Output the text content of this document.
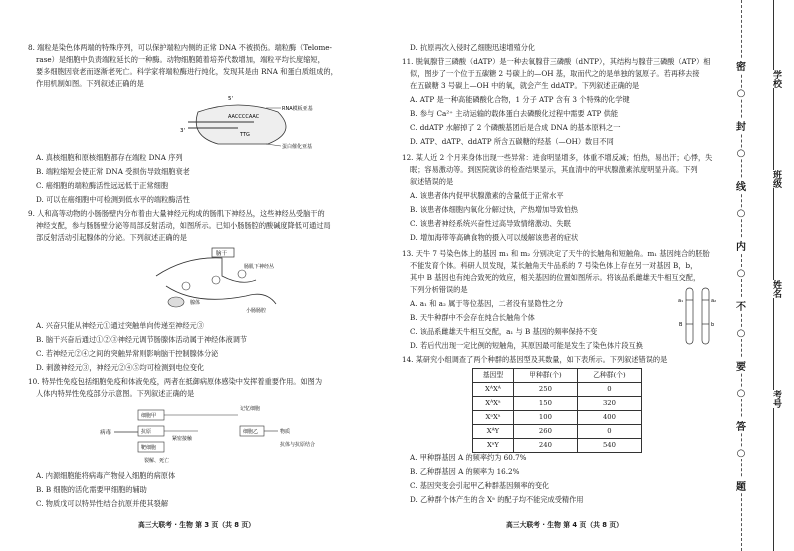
8. 端粒是染色体两端的特殊序列，可以保护端粒内侧的正常 DNA 不被损伤。端粒酶（Telome-
rase）是细胞中负责端粒延长的一种酶。动物细胞随着培养代数增加，端粒平均长度缩短，
要多细胞因衰老而逐渐老死亡。科学家将端粒酶进行纯化，发现其是由 RNA 和蛋白质组成的，
作用机制如图。下列叙述正确的是
5'
AACCCCAAC
TTG
3'
RNA模板亚基
蛋白催化亚基
A. 真核细胞和原核细胞都存在端粒 DNA 序列
B. 端粒缩短会使正常 DNA 受损伤导致细胞衰老
C. 癌细胞的端粒酶活性远远低于正常细胞
D. 可以在癌细胞中可检测到低水平的端粒酶活性
9. 人和高等动物的小肠肠壁内分布着由大量神经元构成的肠肌下神经丛，这些神经丛受脑干的
神经支配，参与肠肠壁分泌等局部反射活动，如图所示。已知小肠肠腔的酸碱度降低可通过局
部反射活动引起腺体的分泌。下列叙述正确的是
脑干
肠肌下神经丛
腺体
小肠肠腔
A. 兴奋只能从神经元①通过突触单向传递至神经元③
B. 脑干兴奋后通过①②③神经元调节肠腺体活动属于神经体液调节
C. 若神经元②④之间的突触异常则影响脑干控制腺体分泌
D. 刺激神经元③，神经元②④⑤均可检测到电位变化
10. 特异性免疫包括细胞免疫和体液免疫，两者在抵御病原体感染中发挥着重要作用。如图为
人体内特异性免疫部分示意图。下列叙述正确的是
病毒
细胞甲
抗原
靶细胞
记忆细胞
紧密接触
细胞乙	物质
抗体与抗原结合
裂解、死亡
A. 内源细胞能将病毒产物侵入细胞的病原体
B. B 细胞的活化需要甲细胞的辅助
C. 物质戊可以特异性结合抗原并使其裂解
高三大联考 · 生物 第 3 页（共 8 页）
D. 抗原再次入侵时乙细胞迅速增殖分化
11. 脱氧腺苷三磷酸（dATP）是一种去氧腺苷三磷酸（dNTP），其结构与腺苷三磷酸（ATP）相
似，图步了一个位于五碳糖 2 号碳上的—OH 基，取而代之的是单独的氢原子。若再移去接
在五碳糖 3 号碳上—OH 中的氧，就会产生 ddATP。下列叙述正确的是
A. ATP 是一种高能磷酸化合物，1 分子 ATP 含有 3 个特殊的化学键
B. 参与 Ca²⁺ 主动运输的载体蛋白去磷酸化过程中需要 ATP 供能
C. ddATP 水解掉了 2 个磷酸基团后是合成 DNA 的基本原料之一
D. ATP、dATP、ddATP 所含五碳糖的羟基（—OH）数目不同
12. 某人近 2 个月来身体出现一些异常：进食明显增多，体重不增反减；怕热，易出汗；心悸，失
眠；容易激动等。到医院就诊的检查结果显示，其血清中的甲状腺激素浓度明显升高。下列
叙述错误的是
A. 该患者体内促甲状腺激素的含量低于正常水平
B. 该患者体细胞内氧化分解过快，产热增加导致怕热
C. 该患者神经系统兴奋性过高导致情绪激动、失眠
D. 增加海带等高碘食物的摄入可以缓解该患者的症状
13. 天牛 7 号染色体上的基因 m₁ 和 m₂ 分别决定了天牛的长触角和短触角。m₁ 基因纯合的胚胎
不能发育个体。科研人员发现，某长触角天牛品系的 7 号染色体上存在另一对基因 B，b，
其中 B 基因也有纯合致死的效应，相关基因的位置如图所示。将该品系雌雄天牛相互交配，
下列分析错误的是
A. a₁ 和 a₂ 属于等位基因，二者没有显隐性之分
B. 天牛种群中不会存在纯合长触角个体
C. 该品系雌雄天牛相互交配，a₁ 与 B 基因的频率保持不变
D. 若后代出现一定比例的短触角，其原因最可能是发生了染色体片段互换
a₁
B
a₂
b
14. 某研究小组调查了两个种群的基因型及其数量，如下表所示。下列叙述错误的是
基因型	甲种群(个)	乙种群(个)
XᴬXᴬ	250	0
XᴬXᵃ	150	320
XᵃXᵃ	100	400
XᴬY	260	0
XᵃY	240	540
A. 甲种群基因 A 的频率约为 60.7%
B. 乙种群基因 A 的频率为 16.2%
C. 基因突变会引起甲乙种群基因频率的变化
D. 乙种群个体产生的含 Xᵃ 的配子均不能完成受精作用
高三大联考 · 生物 第 4 页（共 8 页）
密
○
封
○
线
○
内
○
不
○
要
○
答
○
题
学校
班级
姓名
考号
